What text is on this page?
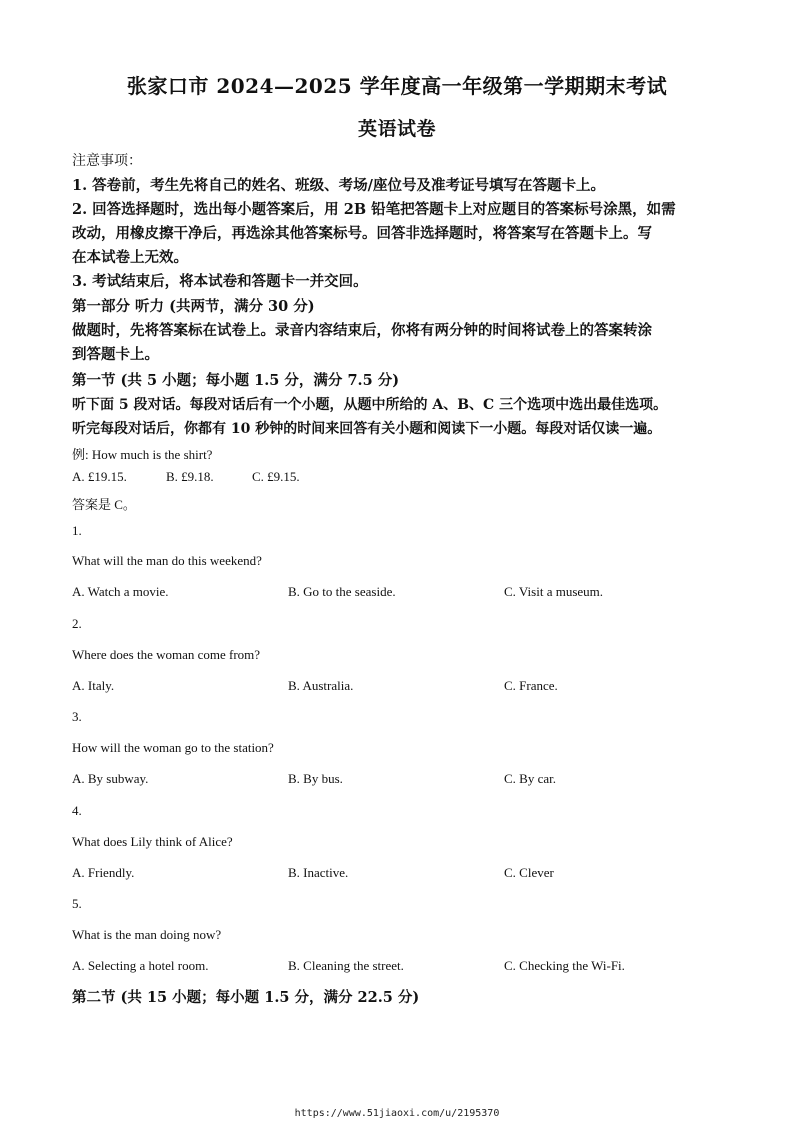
张家口市 2024—2025 学年度高一年级第一学期期末考试
英语试卷
注意事项：
1. 答卷前，考生先将自己的姓名、班级、考场/座位号及准考证号填写在答题卡上。
2. 回答选择题时，选出每小题答案后，用 2B 铅笔把答题卡上对应题目的答案标号涂黑，如需
改动，用橡皮擦干净后，再选涂其他答案标号。回答非选择题时，将答案写在答题卡上。写
在本试卷上无效。
3. 考试结束后，将本试卷和答题卡一并交回。
第一部分 听力 (共两节，满分 30 分)
做题时，先将答案标在试卷上。录音内容结束后，你将有两分钟的时间将试卷上的答案转涂
到答题卡上。
第一节 (共 5 小题；每小题 1.5 分，满分 7.5 分)
听下面 5 段对话。每段对话后有一个小题，从题中所给的 A、B、C 三个选项中选出最佳选项。
听完每段对话后，你都有 10 秒钟的时间来回答有关小题和阅读下一小题。每段对话仅读一遍。
例: How much is the shirt?
A. £19.15.	B. £9.18.	C. £9.15.
答案是 C。
1.
What will the man do this weekend?
A. Watch a movie.	B. Go to the seaside.	C. Visit a museum.
2.
Where does the woman come from?
A. Italy.	B. Australia.	C. France.
3.
How will the woman go to the station?
A. By subway.	B. By bus.	C. By car.
4.
What does Lily think of Alice?
A. Friendly.	B. Inactive.	C. Clever
5.
What is the man doing now?
A. Selecting a hotel room.	B. Cleaning the street.	C. Checking the Wi-Fi.
第二节 (共 15 小题；每小题 1.5 分，满分 22.5 分)
https://www.51jiaoxi.com/u/2195370
